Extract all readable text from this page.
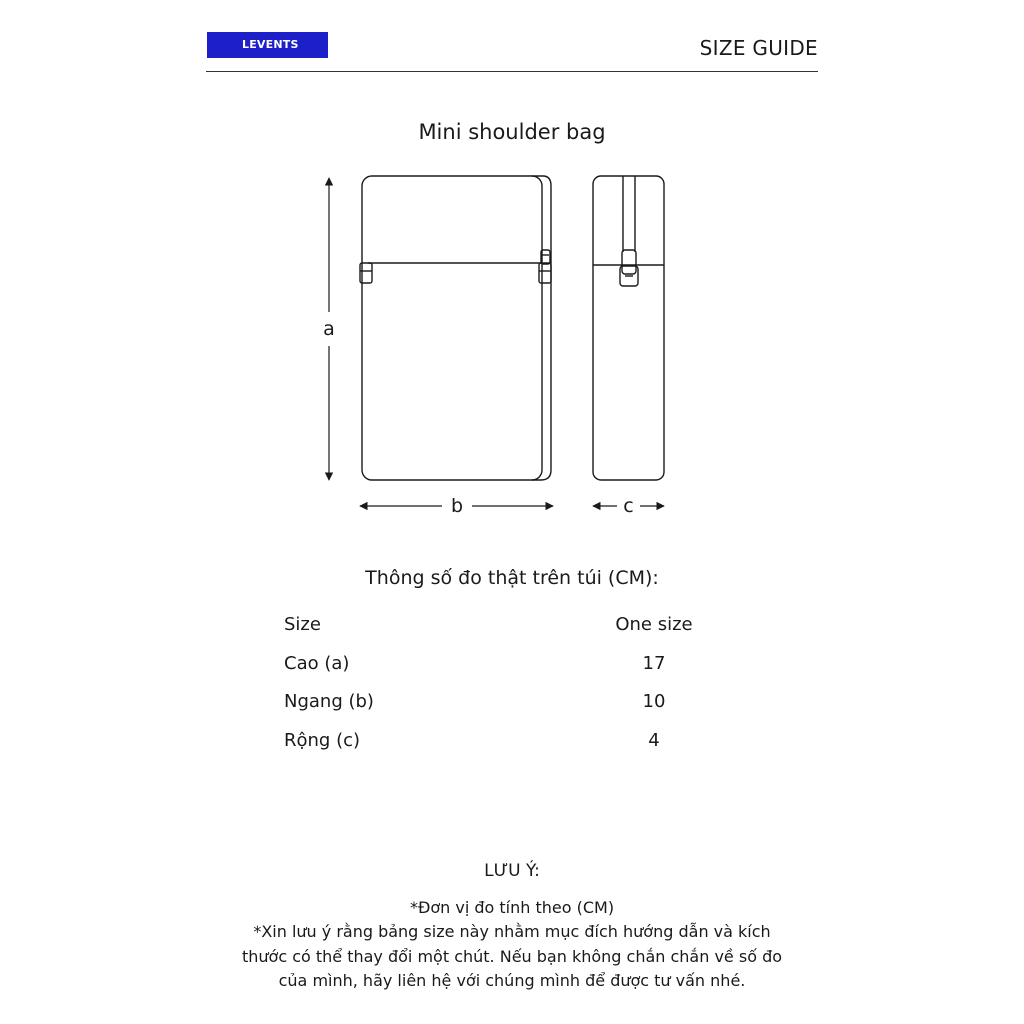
LEVENTS	SIZE GUIDE
Mini shoulder bag
a
b	c
Thông số đo thật trên túi (CM):
Size	One size
Cao (a)	17
Ngang (b)	10
Rộng (c)	4
LƯU Ý:
*Đơn vị đo tính theo (CM)
*Xin lưu ý rằng bảng size này nhằm mục đích hướng dẫn và kích
thước có thể thay đổi một chút. Nếu bạn không chắn chắn về số đo
của mình, hãy liên hệ với chúng mình để được tư vấn nhé.
